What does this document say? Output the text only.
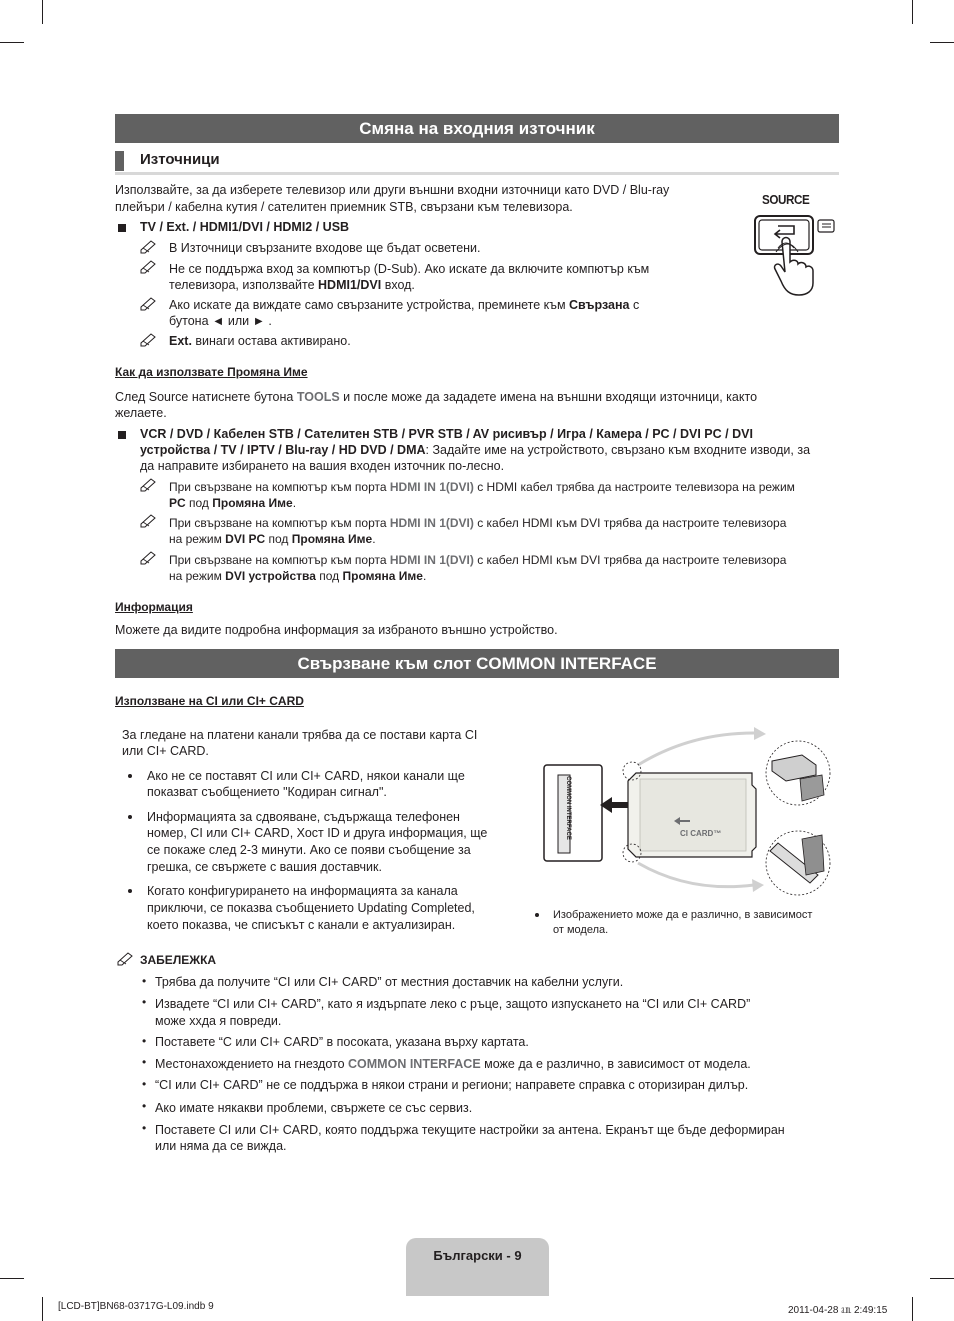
Смяна на входния източник
Източници
Използвайте, за да изберете телевизор или други външни входни източници като DVD / Blu-ray плейъри / кабелна кутия / сателитен приемник STB, свързани към телевизора.	SOURCE
TV / Ext. / HDMI1/DVI / HDMI2 / USB
В Източници свързаните входове ще бъдат осветени.
Не се поддържа вход за компютър (D-Sub). Ако искате да включите компютър към
телевизора, използвайте HDMI1/DVI вход.
Ако искате да виждате само свързаните устройства, преминете към Свързана с
бутона ◄ или ► .
Ext. винаги остава активирано.
Как да използвате Промяна Име
След Source натиснете бутона TOOLS и после може да зададете имена на външни входящи източници, както
желаете.
VCR / DVD / Кабелен STB / Сателитен STB / PVR STB / AV рисивър / Игра / Камера / PC / DVI PC / DVI
устройства / TV / IPTV / Blu-ray / HD DVD / DMA: Задайте име на устройството, свързано към входните изводи, за
да направите избирането на вашия входен източник по-лесно.
При свързване на компютър към порта HDMI IN 1(DVI) с HDMI кабел трябва да настроите телевизора на режим
PC под Промяна Име.
При свързване на компютър към порта HDMI IN 1(DVI) с кабел HDMI към DVI трябва да настроите телевизора
на режим DVI PC под Промяна Име.
При свързване на компютър към порта HDMI IN 1(DVI) с кабел HDMI към DVI трябва да настроите телевизора
на режим DVI устройства под Промяна Име.
Информация
Можете да видите подробна информация за избраното външно устройство.
Свързване към слот COMMON INTERFACE
Използване на CI или CI+ CARD
За гледане на платени канали трябва да се постави карта CI
или CI+ CARD.
Ако не се поставят CI или CI+ CARD, някои канали ще
показват съобщението "Кодиран сигнал".
Информацията за сдвояване, съдържаща телефонен
номер, CI или CI+ CARD, Хост ID и друга информация, ще
се покаже след 2-3 минути. Ако се появи съобщение за
грешка, се свържете с вашия доставчик.
Когато конфигурирането на информацията за канала
приключи, се показва съобщението Updating Completed,
което показва, че списъкът с канали е актуализиран.
COMMON INTERFACE	CI CARD™
Изображението може да е различно, в зависимост
от модела.
ЗАБЕЛЕЖКА
• Трябва да получите “CI или CI+ CARD” от местния доставчик на кабелни услуги.
• Извадете “CI или CI+ CARD”, като я издърпате леко с ръце, защото изпускането на “CI или CI+ CARD”
може ххда я повреди.
• Поставете “C или CI+ CARD” в посоката, указана върху картата.
• Местонахождението на гнездото COMMON INTERFACE може да е различно, в зависимост от модела.
• “CI или CI+ CARD” не се поддържа в някои страни и региони; направете справка с оторизиран дилър.
• Ако имате някакви проблеми, свържете се със сервиз.
• Поставете CI или CI+ CARD, която поддържа текущите настройки за антена. Екранът ще бъде деформиран
или няма да се вижда.
Български - 9
[LCD-BT]BN68-03717G-L09.indb 9	2011-04-28 ㏂ 2:49:15
